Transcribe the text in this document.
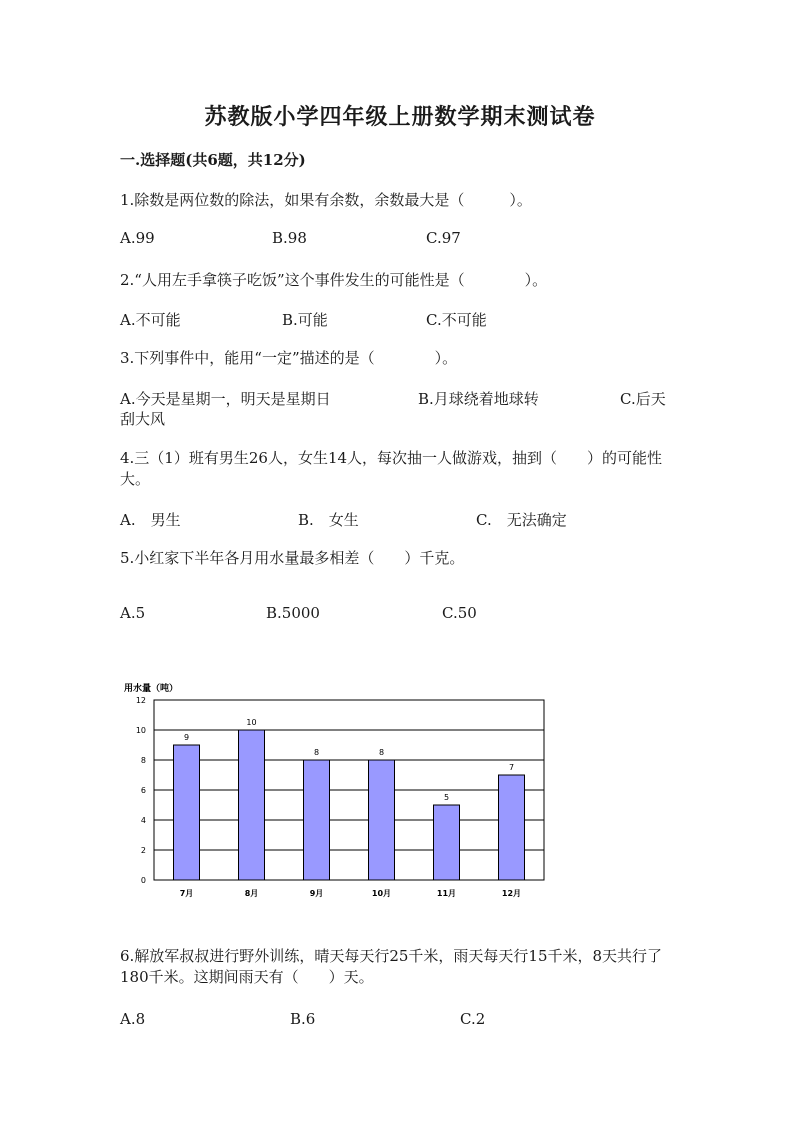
苏教版小学四年级上册数学期末测试卷
一.选择题(共6题，共12分)
1.除数是两位数的除法，如果有余数，余数最大是（　　　）。
A.99	B.98	C.97
2.“人用左手拿筷子吃饭”这个事件发生的可能性是（　　　　）。
A.不可能	B.可能	C.不可能
3.下列事件中，能用“一定”描述的是（　　　　）。
A.今天是星期一，明天是星期日	B.月球绕着地球转	C.后天
刮大风
4.三（1）班有男生26人，女生14人，每次抽一人做游戏，抽到（　　）的可能性大。
A.　男生	B.　女生	C.　无法确定
5.小红家下半年各月用水量最多相差（　　）千克。
A.5	B.5000	C.50
用水量（吨）
0
2
4
6
8
10
12
7月	8月	9月	10月	11月	12月
9
10
8	8
5
7
6.解放军叔叔进行野外训练，晴天每天行25千米，雨天每天行15千米，8天共行了180千米。这期间雨天有（　　）天。
A.8	B.6	C.2
